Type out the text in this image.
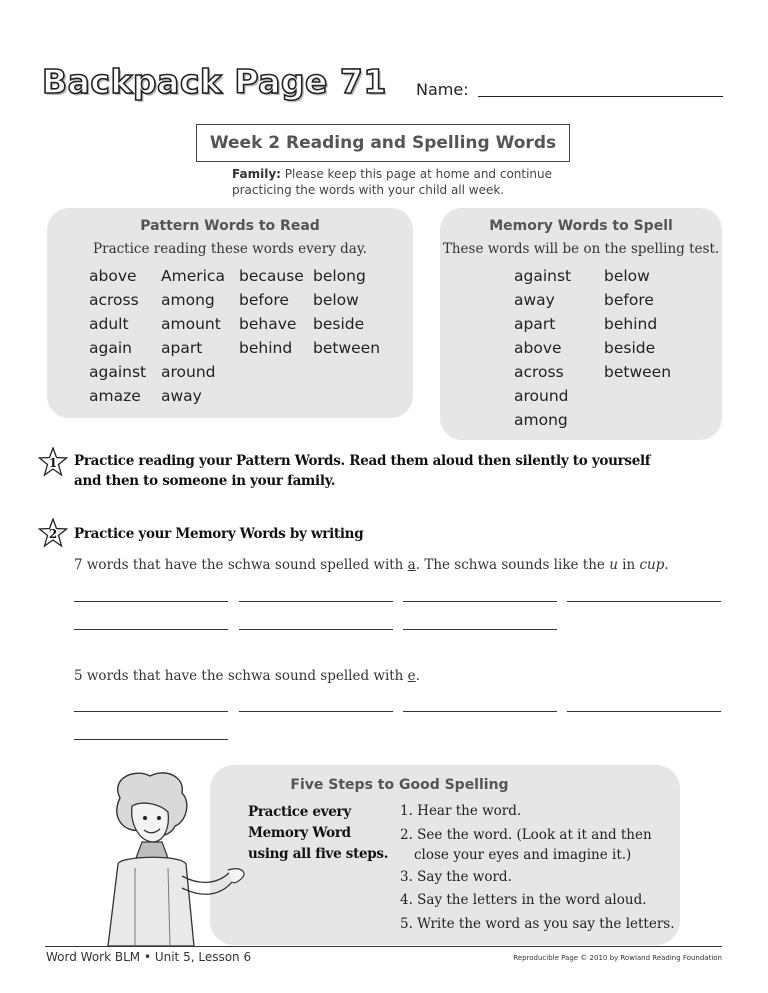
Backpack Page 71 Name:
Week 2 Reading and Spelling Words
Family: Please keep this page at home and continue practicing the words with your child all week.
Pattern Words to Read
Practice reading these words every day.
above
across
adult
again
against
amaze
America
among
amount
apart
around
away
because
before
behave
behind
belong
below
beside
between
Memory Words to Spell
These words will be on the spelling test.
against
away
apart
above
across
around
among
below
before
behind
beside
between
1 Practice reading your Pattern Words. Read them aloud then silently to yourself
and then to someone in your family.
2 Practice your Memory Words by writing
7 words that have the schwa sound spelled with a. The schwa sounds like the u in cup.
5 words that have the schwa sound spelled with e.
Five Steps to Good Spelling
Practice every
Memory Word
using all five steps.
1. Hear the word.
2. See the word. (Look at it and then
close your eyes and imagine it.)
3. Say the word.
4. Say the letters in the word aloud.
5. Write the word as you say the letters.
Word Work BLM • Unit 5, Lesson 6	Reproducible Page © 2010 by Rowland Reading Foundation
